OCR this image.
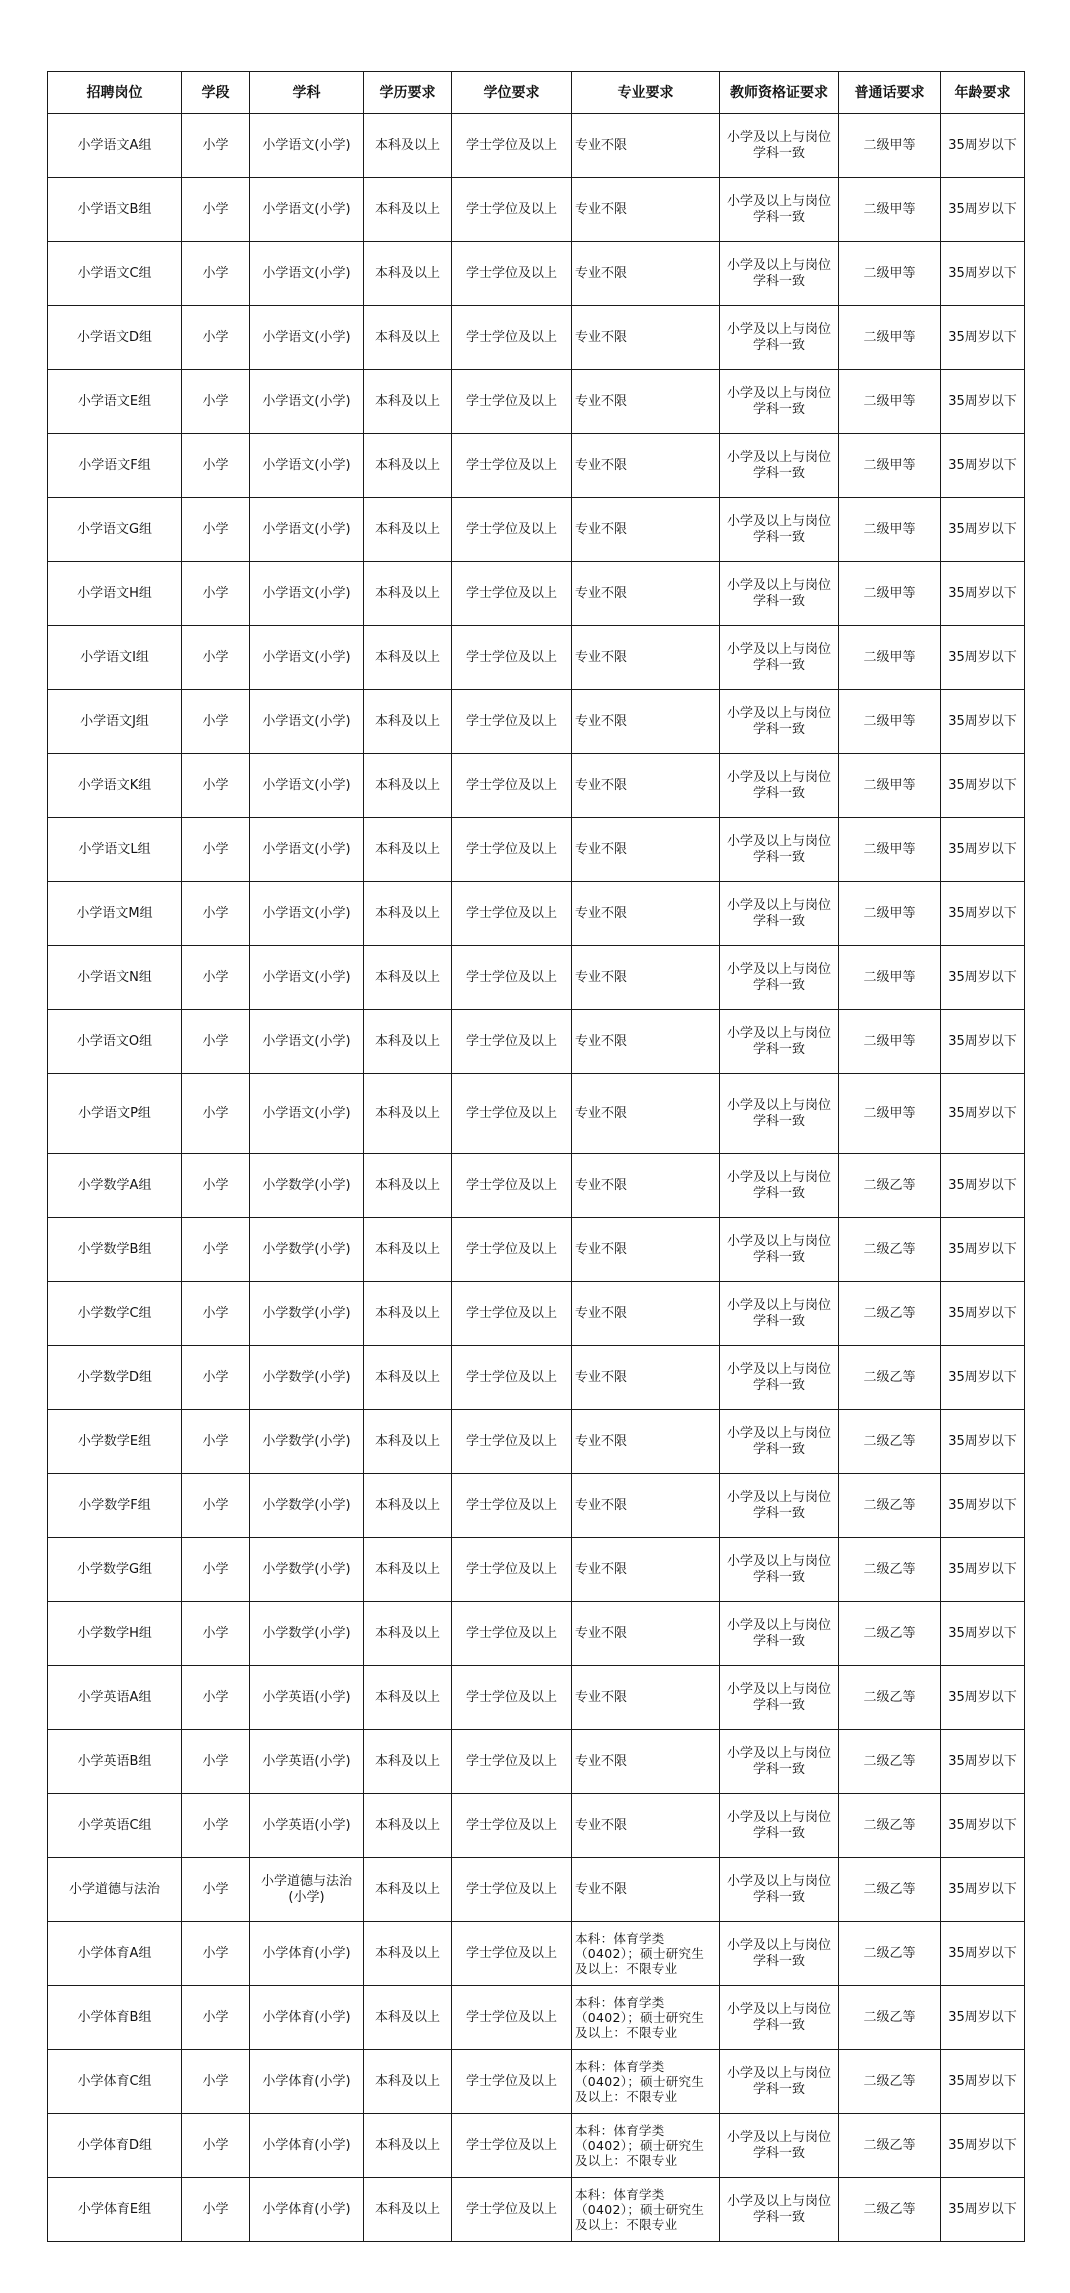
招聘岗位	学段	学科	学历要求	学位要求	专业要求	教师资格证要求	普通话要求	年龄要求
小学语文A组	小学	小学语文(小学)	本科及以上	学士学位及以上	专业不限	小学及以上与岗位学科一致	二级甲等	35周岁以下
小学语文B组	小学	小学语文(小学)	本科及以上	学士学位及以上	专业不限	小学及以上与岗位学科一致	二级甲等	35周岁以下
小学语文C组	小学	小学语文(小学)	本科及以上	学士学位及以上	专业不限	小学及以上与岗位学科一致	二级甲等	35周岁以下
小学语文D组	小学	小学语文(小学)	本科及以上	学士学位及以上	专业不限	小学及以上与岗位学科一致	二级甲等	35周岁以下
小学语文E组	小学	小学语文(小学)	本科及以上	学士学位及以上	专业不限	小学及以上与岗位学科一致	二级甲等	35周岁以下
小学语文F组	小学	小学语文(小学)	本科及以上	学士学位及以上	专业不限	小学及以上与岗位学科一致	二级甲等	35周岁以下
小学语文G组	小学	小学语文(小学)	本科及以上	学士学位及以上	专业不限	小学及以上与岗位学科一致	二级甲等	35周岁以下
小学语文H组	小学	小学语文(小学)	本科及以上	学士学位及以上	专业不限	小学及以上与岗位学科一致	二级甲等	35周岁以下
小学语文I组	小学	小学语文(小学)	本科及以上	学士学位及以上	专业不限	小学及以上与岗位学科一致	二级甲等	35周岁以下
小学语文J组	小学	小学语文(小学)	本科及以上	学士学位及以上	专业不限	小学及以上与岗位学科一致	二级甲等	35周岁以下
小学语文K组	小学	小学语文(小学)	本科及以上	学士学位及以上	专业不限	小学及以上与岗位学科一致	二级甲等	35周岁以下
小学语文L组	小学	小学语文(小学)	本科及以上	学士学位及以上	专业不限	小学及以上与岗位学科一致	二级甲等	35周岁以下
小学语文M组	小学	小学语文(小学)	本科及以上	学士学位及以上	专业不限	小学及以上与岗位学科一致	二级甲等	35周岁以下
小学语文N组	小学	小学语文(小学)	本科及以上	学士学位及以上	专业不限	小学及以上与岗位学科一致	二级甲等	35周岁以下
小学语文O组	小学	小学语文(小学)	本科及以上	学士学位及以上	专业不限	小学及以上与岗位学科一致	二级甲等	35周岁以下
小学语文P组	小学	小学语文(小学)	本科及以上	学士学位及以上	专业不限	小学及以上与岗位学科一致	二级甲等	35周岁以下
小学数学A组	小学	小学数学(小学)	本科及以上	学士学位及以上	专业不限	小学及以上与岗位学科一致	二级乙等	35周岁以下
小学数学B组	小学	小学数学(小学)	本科及以上	学士学位及以上	专业不限	小学及以上与岗位学科一致	二级乙等	35周岁以下
小学数学C组	小学	小学数学(小学)	本科及以上	学士学位及以上	专业不限	小学及以上与岗位学科一致	二级乙等	35周岁以下
小学数学D组	小学	小学数学(小学)	本科及以上	学士学位及以上	专业不限	小学及以上与岗位学科一致	二级乙等	35周岁以下
小学数学E组	小学	小学数学(小学)	本科及以上	学士学位及以上	专业不限	小学及以上与岗位学科一致	二级乙等	35周岁以下
小学数学F组	小学	小学数学(小学)	本科及以上	学士学位及以上	专业不限	小学及以上与岗位学科一致	二级乙等	35周岁以下
小学数学G组	小学	小学数学(小学)	本科及以上	学士学位及以上	专业不限	小学及以上与岗位学科一致	二级乙等	35周岁以下
小学数学H组	小学	小学数学(小学)	本科及以上	学士学位及以上	专业不限	小学及以上与岗位学科一致	二级乙等	35周岁以下
小学英语A组	小学	小学英语(小学)	本科及以上	学士学位及以上	专业不限	小学及以上与岗位学科一致	二级乙等	35周岁以下
小学英语B组	小学	小学英语(小学)	本科及以上	学士学位及以上	专业不限	小学及以上与岗位学科一致	二级乙等	35周岁以下
小学英语C组	小学	小学英语(小学)	本科及以上	学士学位及以上	专业不限	小学及以上与岗位学科一致	二级乙等	35周岁以下
小学道德与法治	小学	小学道德与法治(小学)	本科及以上	学士学位及以上	专业不限	小学及以上与岗位学科一致	二级乙等	35周岁以下
小学体育A组	小学	小学体育(小学)	本科及以上	学士学位及以上	本科：体育学类（0402）；硕士研究生及以上：不限专业	小学及以上与岗位学科一致	二级乙等	35周岁以下
小学体育B组	小学	小学体育(小学)	本科及以上	学士学位及以上	本科：体育学类（0402）；硕士研究生及以上：不限专业	小学及以上与岗位学科一致	二级乙等	35周岁以下
小学体育C组	小学	小学体育(小学)	本科及以上	学士学位及以上	本科：体育学类（0402）；硕士研究生及以上：不限专业	小学及以上与岗位学科一致	二级乙等	35周岁以下
小学体育D组	小学	小学体育(小学)	本科及以上	学士学位及以上	本科：体育学类（0402）；硕士研究生及以上：不限专业	小学及以上与岗位学科一致	二级乙等	35周岁以下
小学体育E组	小学	小学体育(小学)	本科及以上	学士学位及以上	本科：体育学类（0402）；硕士研究生及以上：不限专业	小学及以上与岗位学科一致	二级乙等	35周岁以下
